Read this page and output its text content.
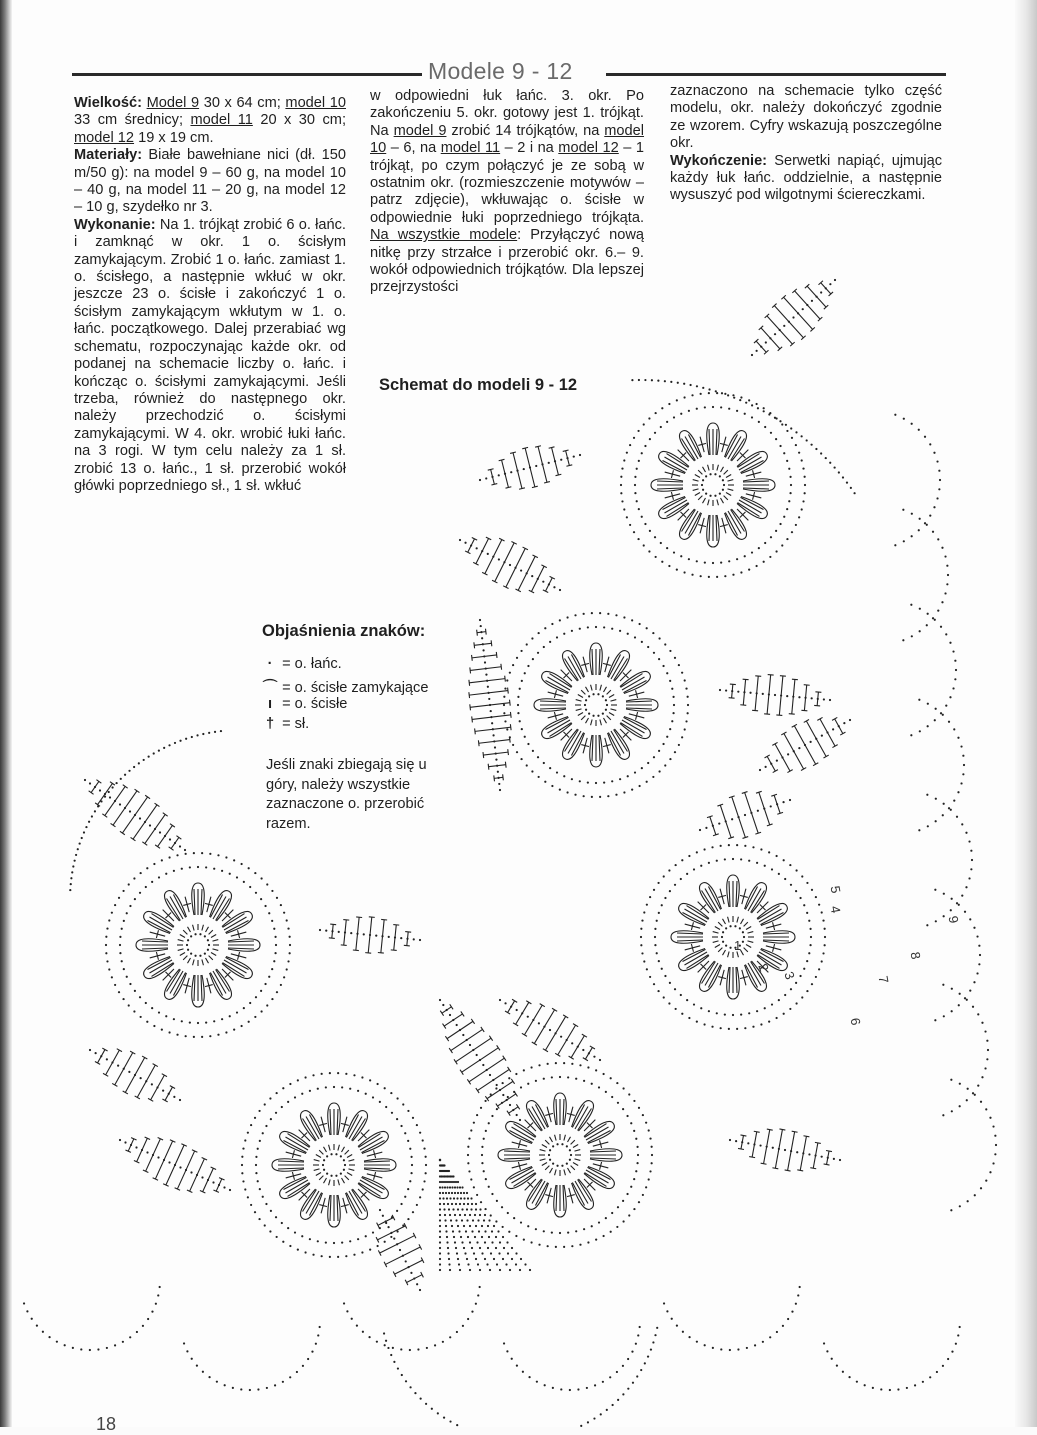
Modele 9 - 12

Wielkość: Model 9 30 x 64 cm; model 10 33 cm średnicy; model 11 20 x 30 cm; model 12 19 x 19 cm.

Materiały: Białe bawełniane nici (dł. 150 m/50 g): na model 9 – 60 g, na model 10 – 40 g, na model 11 – 20 g, na model 12 – 10 g, szydełko nr 3.

Wykonanie: Na 1. trójkąt zrobić 6 o. łańc. i zamknąć w okr. 1 o. ścisłym zamykającym. Zrobić 1 o. łańc. zamiast 1. o. ścisłego, a następnie wkłuć w okr. jeszcze 23 o. ścisłe i zakończyć 1 o. ścisłym zamykającym wkłutym w 1. o. łańc. początkowego. Dalej przerabiać wg schematu, rozpoczynając każde okr. od podanej na schemacie liczby o. łańc. i kończąc o. ścisłymi zamykającymi. Jeśli trzeba, również do następnego okr. należy przechodzić o. ścisłymi zamykającymi. W 4. okr. wrobić łuki łańc. na 3 rogi. W tym celu należy za 1 sł. zrobić 13 o. łańc., 1 sł. przerobić wokół główki poprzedniego sł., 1 sł. wkłuć

w odpowiedni łuk łańc. 3. okr. Po zakończeniu 5. okr. gotowy jest 1. trójkąt. Na model 9 zrobić 14 trójkątów, na model 10 – 6, na model 11 – 2 i na model 12 – 1 trójkąt, po czym połączyć je ze sobą w ostatnim okr. (rozmieszczenie motywów – patrz zdjęcie), wkłuwając o. ścisłe w odpowiednie łuki poprzedniego trójkąta. Na wszystkie modele: Przyłączyć nową nitkę przy strzałce i przerobić okr. 6.– 9. wokół odpowiednich trójkątów. Dla lepszej przejrzystości

zaznaczono na schemacie tylko część modelu, okr. należy dokończyć zgodnie ze wzorem. Cyfry wskazują poszczególne okr.

Wykończenie: Serwetki napiąć, ujmując każdy łuk łańc. oddzielnie, a następnie wysuszyć pod wilgotnymi ściereczkami.

Schemat do modeli 9 - 12
Objaśnienia znaków:
· = o. łańc.
⌒ = o. ścisłe zamykające
ı = o. ścisłe
† = sł.
Jeśli znaki zbiegają się u góry, należy wszystkie zaznaczone o. przerobić razem.
5
4
3
2
1
9
8
7
6
18
